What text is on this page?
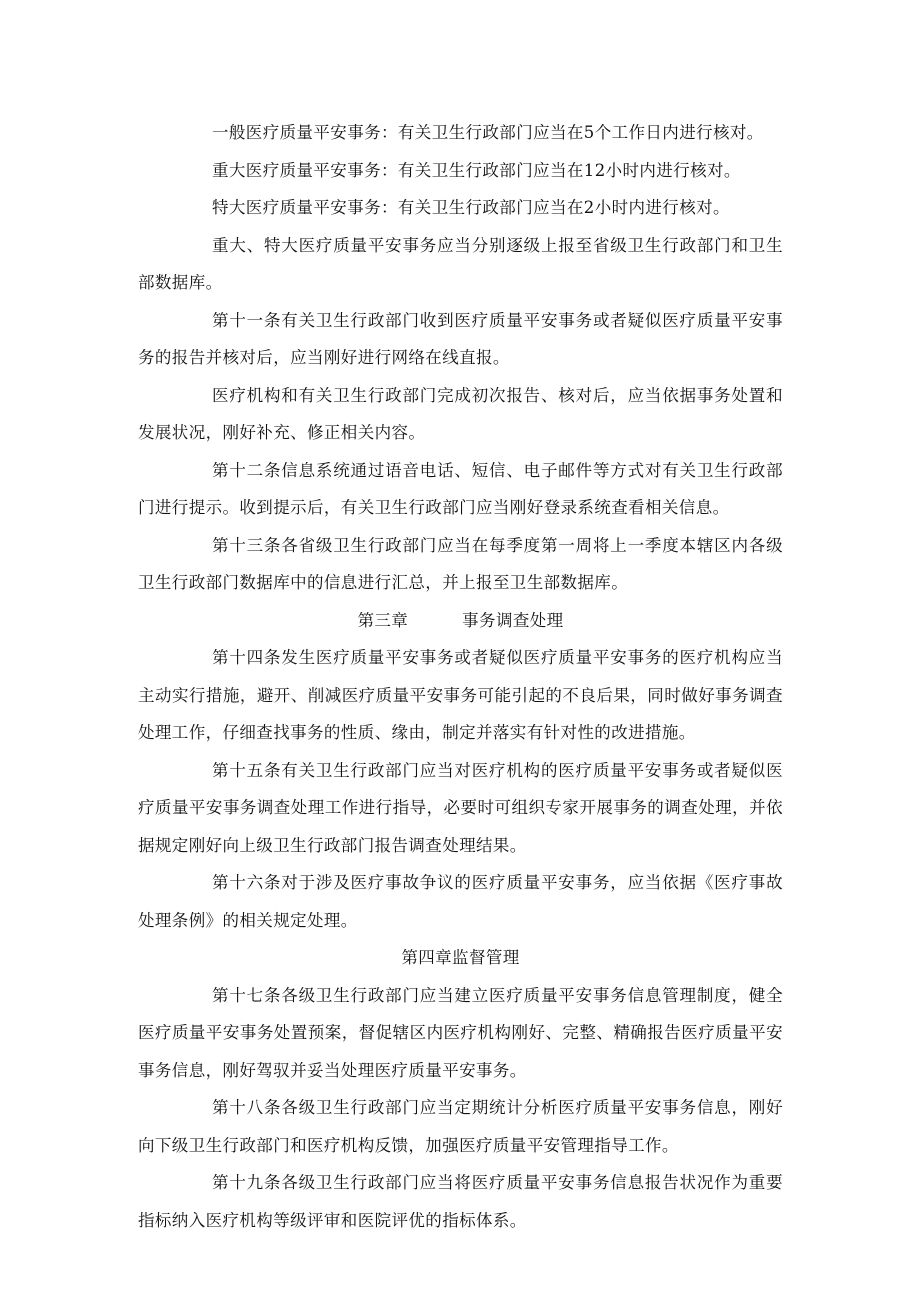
一般医疗质量平安事务：有关卫生行政部门应当在5个工作日内进行核对。

重大医疗质量平安事务：有关卫生行政部门应当在12小时内进行核对。

特大医疗质量平安事务：有关卫生行政部门应当在2小时内进行核对。

重大、特大医疗质量平安事务应当分别逐级上报至省级卫生行政部门和卫生部数据库。

第十一条有关卫生行政部门收到医疗质量平安事务或者疑似医疗质量平安事务的报告并核对后，应当刚好进行网络在线直报。

医疗机构和有关卫生行政部门完成初次报告、核对后，应当依据事务处置和发展状况，刚好补充、修正相关内容。

第十二条信息系统通过语音电话、短信、电子邮件等方式对有关卫生行政部门进行提示。收到提示后，有关卫生行政部门应当刚好登录系统查看相关信息。

第十三条各省级卫生行政部门应当在每季度第一周将上一季度本辖区内各级卫生行政部门数据库中的信息进行汇总，并上报至卫生部数据库。

第三章	事务调查处理

第十四条发生医疗质量平安事务或者疑似医疗质量平安事务的医疗机构应当主动实行措施，避开、削减医疗质量平安事务可能引起的不良后果，同时做好事务调查处理工作，仔细查找事务的性质、缘由，制定并落实有针对性的改进措施。

第十五条有关卫生行政部门应当对医疗机构的医疗质量平安事务或者疑似医疗质量平安事务调查处理工作进行指导，必要时可组织专家开展事务的调查处理，并依据规定刚好向上级卫生行政部门报告调查处理结果。

第十六条对于涉及医疗事故争议的医疗质量平安事务，应当依据《医疗事故处理条例》的相关规定处理。

第四章监督管理

第十七条各级卫生行政部门应当建立医疗质量平安事务信息管理制度，健全医疗质量平安事务处置预案，督促辖区内医疗机构刚好、完整、精确报告医疗质量平安事务信息，刚好驾驭并妥当处理医疗质量平安事务。

第十八条各级卫生行政部门应当定期统计分析医疗质量平安事务信息，刚好向下级卫生行政部门和医疗机构反馈，加强医疗质量平安管理指导工作。

第十九条各级卫生行政部门应当将医疗质量平安事务信息报告状况作为重要指标纳入医疗机构等级评审和医院评优的指标体系。
